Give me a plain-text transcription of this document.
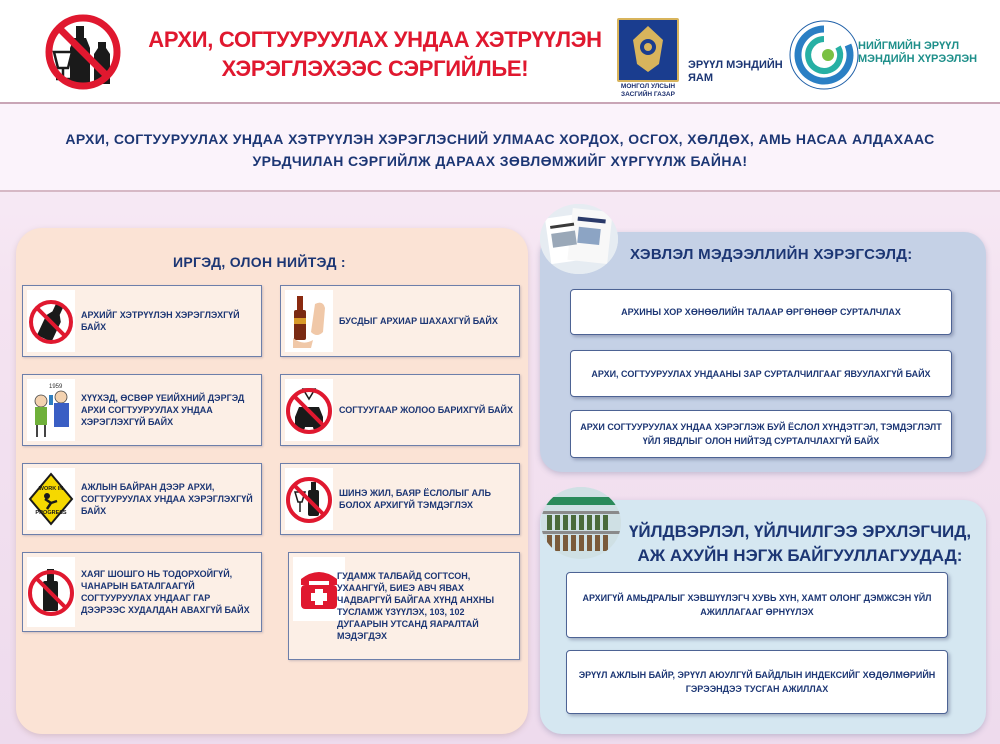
АРХИ, СОГТУУРУУЛАХ УНДАА ХЭТРҮҮЛЭН ХЭРЭГЛЭХЭЭС СЭРГИЙЛЬЕ!
МОНГОЛ УЛСЫН ЗАСГИЙН ГАЗАР
ЭРҮҮЛ МЭНДИЙН ЯАМ
НИЙГМИЙН ЭРҮҮЛ МЭНДИЙН ХҮРЭЭЛЭН
АРХИ, СОГТУУРУУЛАХ УНДАА ХЭТРҮҮЛЭН ХЭРЭГЛЭСНИЙ УЛМААС ХОРДОХ, ОСГОХ, ХӨЛДӨХ, АМЬ НАСАА АЛДАХААС УРЬДЧИЛАН СЭРГИЙЛЖ ДАРААХ ЗӨВЛӨМЖИЙГ ХҮРГҮҮЛЖ БАЙНА!
ИРГЭД, ОЛОН НИЙТЭД :
АРХИЙГ ХЭТРҮҮЛЭН ХЭРЭГЛЭХГҮЙ БАЙХ
БУСДЫГ АРХИАР ШАХАХГҮЙ БАЙХ
1959
ХҮҮХЭД, ӨСВӨР ҮЕИЙХНИЙ ДЭРГЭД АРХИ СОГТУУРУУЛАХ УНДАА ХЭРЭГЛЭХГҮЙ БАЙХ
СОГТУУГААР ЖОЛОО БАРИХГҮЙ БАЙХ
WORK IN
PROGRESS
АЖЛЫН БАЙРАН ДЭЭР АРХИ, СОГТУУРУУЛАХ УНДАА ХЭРЭГЛЭХГҮЙ БАЙХ
ШИНЭ ЖИЛ, БАЯР ЁСЛОЛЫГ АЛЬ БОЛОХ АРХИГҮЙ ТЭМДЭГЛЭХ
ХАЯГ ШОШГО НЬ ТОДОРХОЙГҮЙ, ЧАНАРЫН БАТАЛГААГҮЙ СОГТУУРУУЛАХ УНДААГ ГАР ДЭЭРЭЭС ХУДАЛДАН АВАХГҮЙ БАЙХ
ГУДАМЖ ТАЛБАЙД СОГТСОН, УХААНГҮЙ, БИЕЭ АВЧ ЯВАХ ЧАДВАРГҮЙ БАЙГАА ХҮНД АНХНЫ ТУСЛАМЖ ҮЗҮҮЛЭХ, 103, 102 ДУГААРЫН УТСАНД ЯАРАЛТАЙ МЭДЭГДЭХ
ХЭВЛЭЛ МЭДЭЭЛЛИЙН ХЭРЭГСЭЛД:
АРХИНЫ ХОР ХӨНӨӨЛИЙН ТАЛААР ӨРГӨНӨӨР СУРТАЛЧЛАХ
АРХИ, СОГТУУРУУЛАХ УНДААНЫ ЗАР СУРТАЛЧИЛГААГ ЯВУУЛАХГҮЙ БАЙХ
АРХИ СОГТУУРУУЛАХ УНДАА ХЭРЭГЛЭЖ БУЙ ЁСЛОЛ ХҮНДЭТГЭЛ, ТЭМДЭГЛЭЛТ ҮЙЛ ЯВДЛЫГ ОЛОН НИЙТЭД СУРТАЛЧЛАХГҮЙ БАЙХ
ҮЙЛДВЭРЛЭЛ, ҮЙЛЧИЛГЭЭ ЭРХЛЭГЧИД, АЖ АХУЙН НЭГЖ БАЙГУУЛЛАГУУДАД:
АРХИГҮЙ АМЬДРАЛЫГ ХЭВШҮҮЛЭГЧ ХУВЬ ХҮН, ХАМТ ОЛОНГ ДЭМЖСЭН ҮЙЛ АЖИЛЛАГААГ ӨРНҮҮЛЭХ
ЭРҮҮЛ АЖЛЫН БАЙР, ЭРҮҮЛ АЮУЛГҮЙ БАЙДЛЫН ИНДЕКСИЙГ ХӨДӨЛМӨРИЙН ГЭРЭЭНДЭЭ ТУСГАН АЖИЛЛАХ
